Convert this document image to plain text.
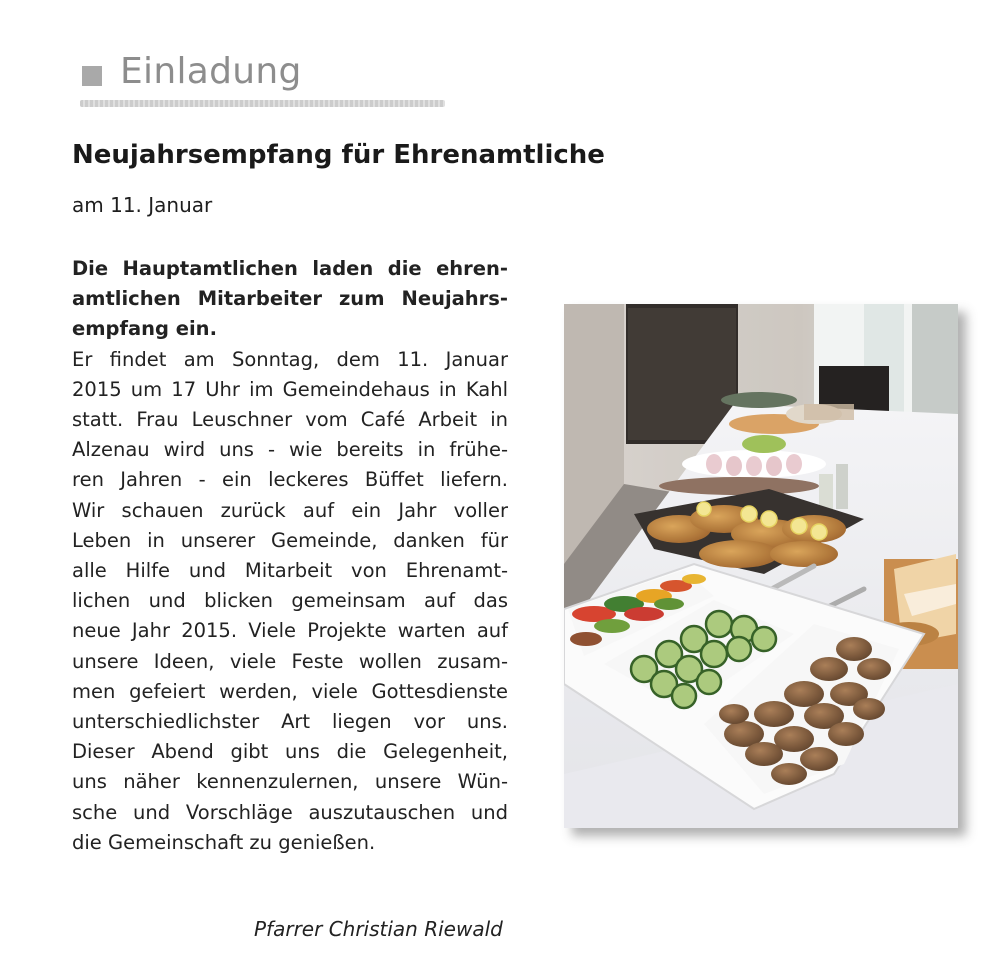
Einladung
Neujahrsempfang für Ehrenamtliche
am 11. Januar
Die Hauptamtlichen laden die ehren-
amtlichen Mitarbeiter zum Neujahrs-
empfang ein.
Er findet am Sonntag, dem 11. Januar
2015 um 17 Uhr im Gemeindehaus in Kahl
statt. Frau Leuschner vom Café Arbeit in
Alzenau wird uns - wie bereits in frühe-
ren Jahren - ein leckeres Büffet liefern.
Wir schauen zurück auf ein Jahr voller
Leben in unserer Gemeinde, danken für
alle Hilfe und Mitarbeit von Ehrenamt-
lichen und blicken gemeinsam auf das
neue Jahr 2015. Viele Projekte warten auf
unsere Ideen, viele Feste wollen zusam-
men gefeiert werden, viele Gottesdienste
unterschiedlichster Art liegen vor uns.
Dieser Abend gibt uns die Gelegenheit,
uns näher kennenzulernen, unsere Wün-
sche und Vorschläge auszutauschen und
die Gemeinschaft zu genießen.
Pfarrer Christian Riewald
